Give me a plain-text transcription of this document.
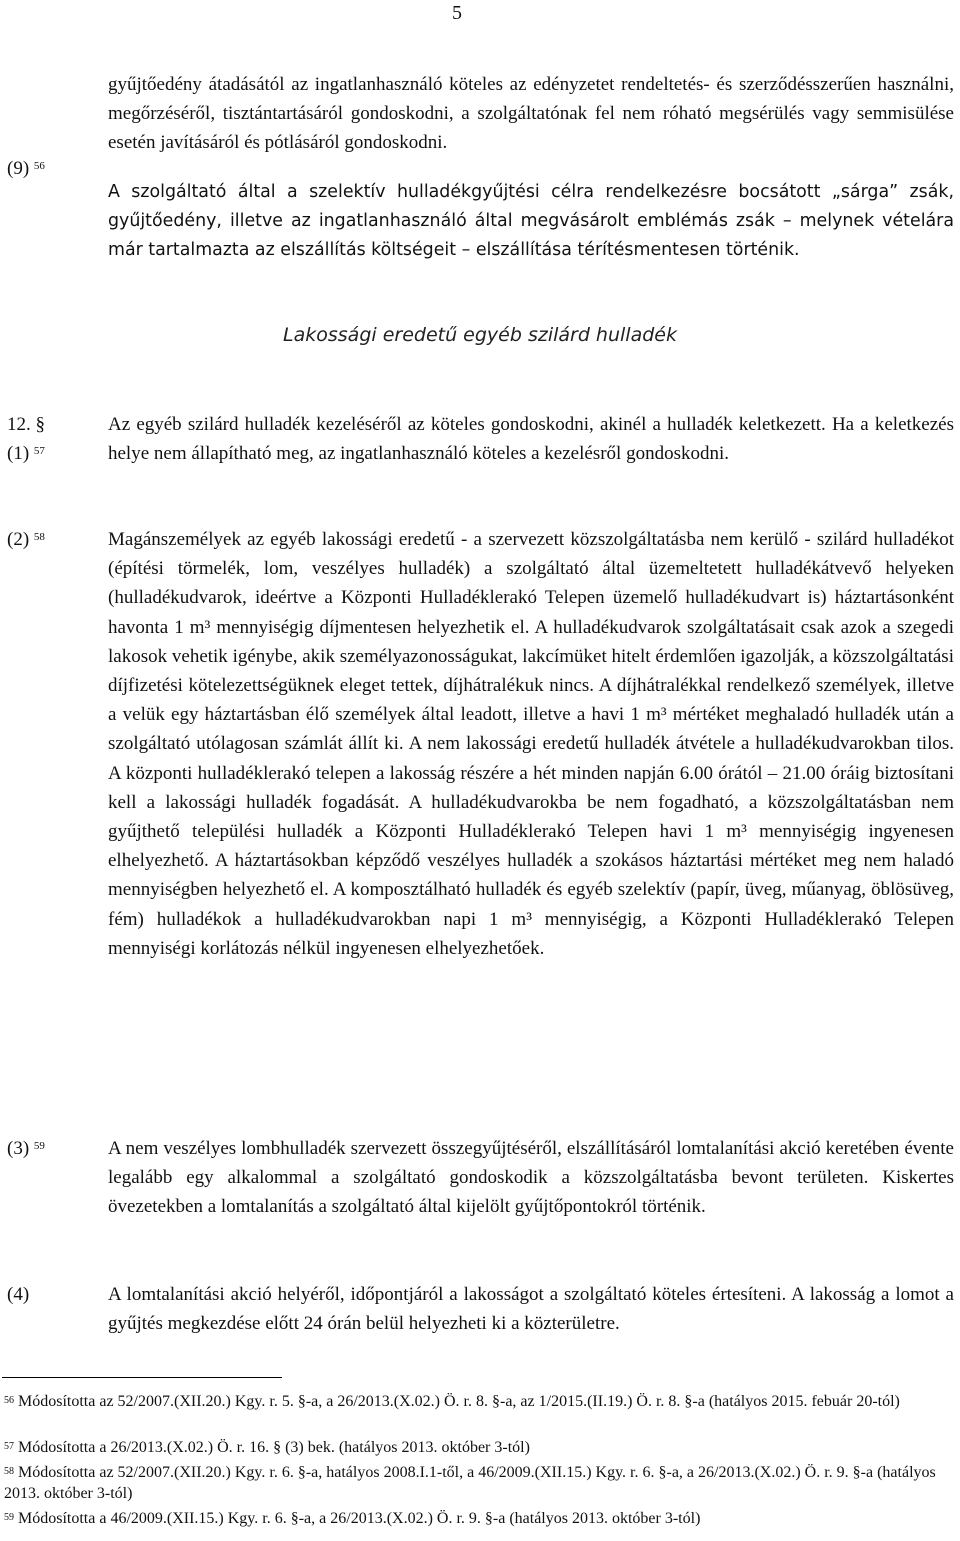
5
gyűjtőedény átadásától az ingatlanhasználó köteles az edényzetet rendeltetés- és szerződésszerűen használni, megőrzéséről, tisztántartásáról gondoskodni, a szolgáltatónak fel nem róható megsérülés vagy semmisülése esetén javításáról és pótlásáról gondoskodni.
(9) $^{56}$
A szolgáltató által a szelektív hulladékgyűjtési célra rendelkezésre bocsátott „sárga” zsák, gyűjtőedény, illetve az ingatlanhasználó által megvásárolt emblémás zsák – melynek vételára már tartalmazta az elszállítás költségeit – elszállítása térítésmentesen történik.
Lakossági eredetű egyéb szilárd hulladék
12. §
(1) $^{57}$
Az egyéb szilárd hulladék kezeléséről az köteles gondoskodni, akinél a hulladék keletkezett. Ha a keletkezés helye nem állapítható meg, az ingatlanhasználó köteles a kezelésről gondoskodni.
(2) $^{58}$	Magánszemélyek az egyéb lakossági eredetű - a szervezett közszolgáltatásba nem kerülő - szilárd hulladékot (építési törmelék, lom, veszélyes hulladék) a szolgáltató által üzemeltetett hulladékátvevő helyeken (hulladékudvarok, ideértve a Központi Hulladéklerakó Telepen üzemelő hulladékudvart is) háztartásonként havonta 1 m³ mennyiségig díjmentesen helyezhetik el. A hulladékudvarok szolgáltatásait csak azok a szegedi lakosok vehetik igénybe, akik személyazonosságukat, lakcímüket hitelt érdemlően igazolják, a közszolgáltatási díjfizetési kötelezettségüknek eleget tettek, díjhátralékuk nincs. A díjhátralékkal rendelkező személyek, illetve a velük egy háztartásban élő személyek által leadott, illetve a havi 1 m³ mértéket meghaladó hulladék után a szolgáltató utólagosan számlát állít ki. A nem lakossági eredetű hulladék átvétele a hulladékudvarokban tilos. A központi hulladéklerakó telepen a lakosság részére a hét minden napján 6.00 órától – 21.00 óráig biztosítani kell a lakossági hulladék fogadását. A hulladékudvarokba be nem fogadható, a közszolgáltatásban nem gyűjthető települési hulladék a Központi Hulladéklerakó Telepen havi 1 m³ mennyiségig ingyenesen elhelyezhető. A háztartásokban képződő veszélyes hulladék a szokásos háztartási mértéket meg nem haladó mennyiségben helyezhető el. A komposztálható hulladék és egyéb szelektív (papír, üveg, műanyag, öblösüveg, fém) hulladékok a hulladékudvarokban napi 1 m³ mennyiségig, a Központi Hulladéklerakó Telepen mennyiségi korlátozás nélkül ingyenesen elhelyezhetőek.
(3) $^{59}$	A nem veszélyes lombhulladék szervezett összegyűjtéséről, elszállításáról lomtalanítási akció keretében évente legalább egy alkalommal a szolgáltató gondoskodik a közszolgáltatásba bevont területen. Kiskertes övezetekben a lomtalanítás a szolgáltató által kijelölt gyűjtőpontokról történik.
(4)	A lomtalanítási akció helyéről, időpontjáról a lakosságot a szolgáltató köteles értesíteni. A lakosság a lomot a gyűjtés megkezdése előtt 24 órán belül helyezheti ki a közterületre.
$^{56}$ Módosította az 52/2007.(XII.20.) Kgy. r. 5. §-a, a 26/2013.(X.02.) Ö. r. 8. §-a, az 1/2015.(II.19.) Ö. r. 8. §-a (hatályos 2015. febuár 20-tól)
$^{57}$ Módosította a 26/2013.(X.02.) Ö. r. 16. § (3) bek. (hatályos 2013. október 3-tól)
$^{58}$ Módosította az 52/2007.(XII.20.) Kgy. r. 6. §-a, hatályos 2008.I.1-től, a 46/2009.(XII.15.) Kgy. r. 6. §-a, a 26/2013.(X.02.) Ö. r. 9. §-a (hatályos 2013. október 3-tól)
$^{59}$ Módosította a 46/2009.(XII.15.) Kgy. r. 6. §-a, a 26/2013.(X.02.) Ö. r. 9. §-a (hatályos 2013. október 3-tól)
